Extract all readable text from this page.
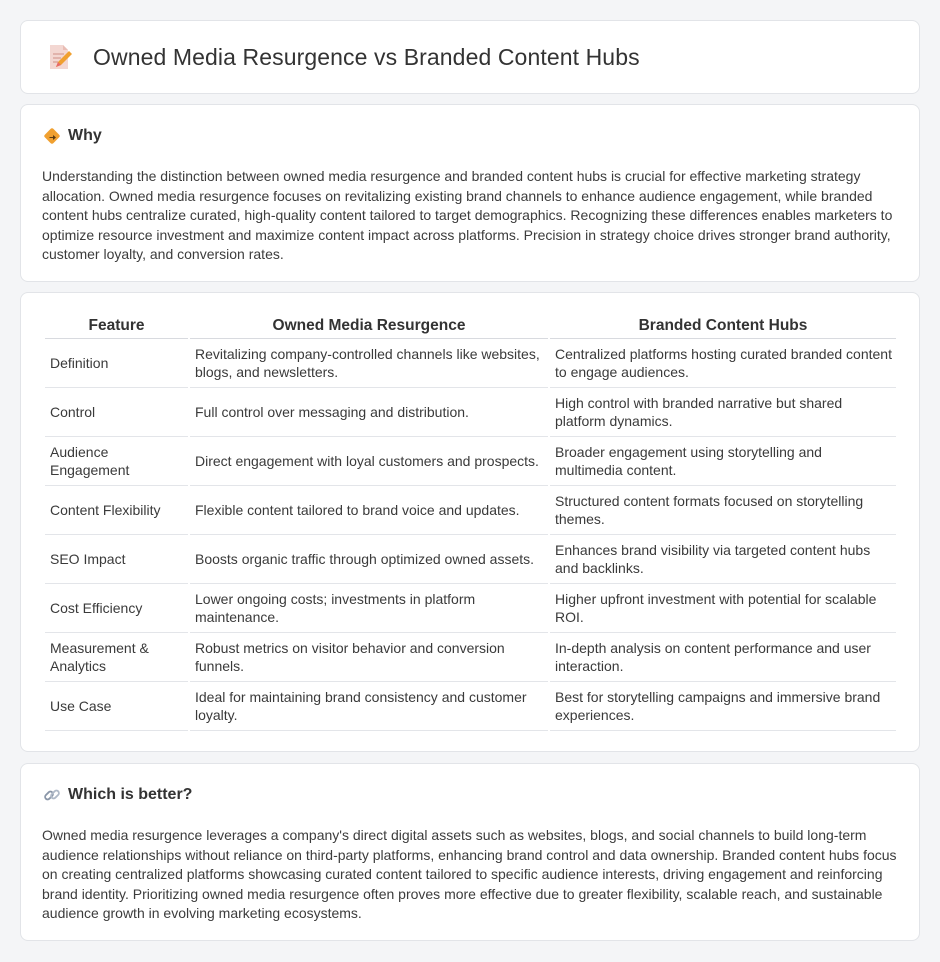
Owned Media Resurgence vs Branded Content Hubs
Why

Understanding the distinction between owned media resurgence and branded content hubs is crucial for effective marketing strategy allocation. Owned media resurgence focuses on revitalizing existing brand channels to enhance audience engagement, while branded content hubs centralize curated, high-quality content tailored to target demographics. Recognizing these differences enables marketers to optimize resource investment and maximize content impact across platforms. Precision in strategy choice drives stronger brand authority, customer loyalty, and conversion rates.

Feature	Owned Media Resurgence	Branded Content Hubs
Definition	Revitalizing company-controlled channels like websites, blogs, and newsletters.	Centralized platforms hosting curated branded content to engage audiences.
Control	Full control over messaging and distribution.	High control with branded narrative but shared platform dynamics.
Audience Engagement	Direct engagement with loyal customers and prospects.	Broader engagement using storytelling and multimedia content.
Content Flexibility	Flexible content tailored to brand voice and updates.	Structured content formats focused on storytelling themes.
SEO Impact	Boosts organic traffic through optimized owned assets.	Enhances brand visibility via targeted content hubs and backlinks.
Cost Efficiency	Lower ongoing costs; investments in platform maintenance.	Higher upfront investment with potential for scalable ROI.
Measurement & Analytics	Robust metrics on visitor behavior and conversion funnels.	In-depth analysis on content performance and user interaction.
Use Case	Ideal for maintaining brand consistency and customer loyalty.	Best for storytelling campaigns and immersive brand experiences.
Which is better?

Owned media resurgence leverages a company's direct digital assets such as websites, blogs, and social channels to build long-term audience relationships without reliance on third-party platforms, enhancing brand control and data ownership. Branded content hubs focus on creating centralized platforms showcasing curated content tailored to specific audience interests, driving engagement and reinforcing brand identity. Prioritizing owned media resurgence often proves more effective due to greater flexibility, scalable reach, and sustainable audience growth in evolving marketing ecosystems.
